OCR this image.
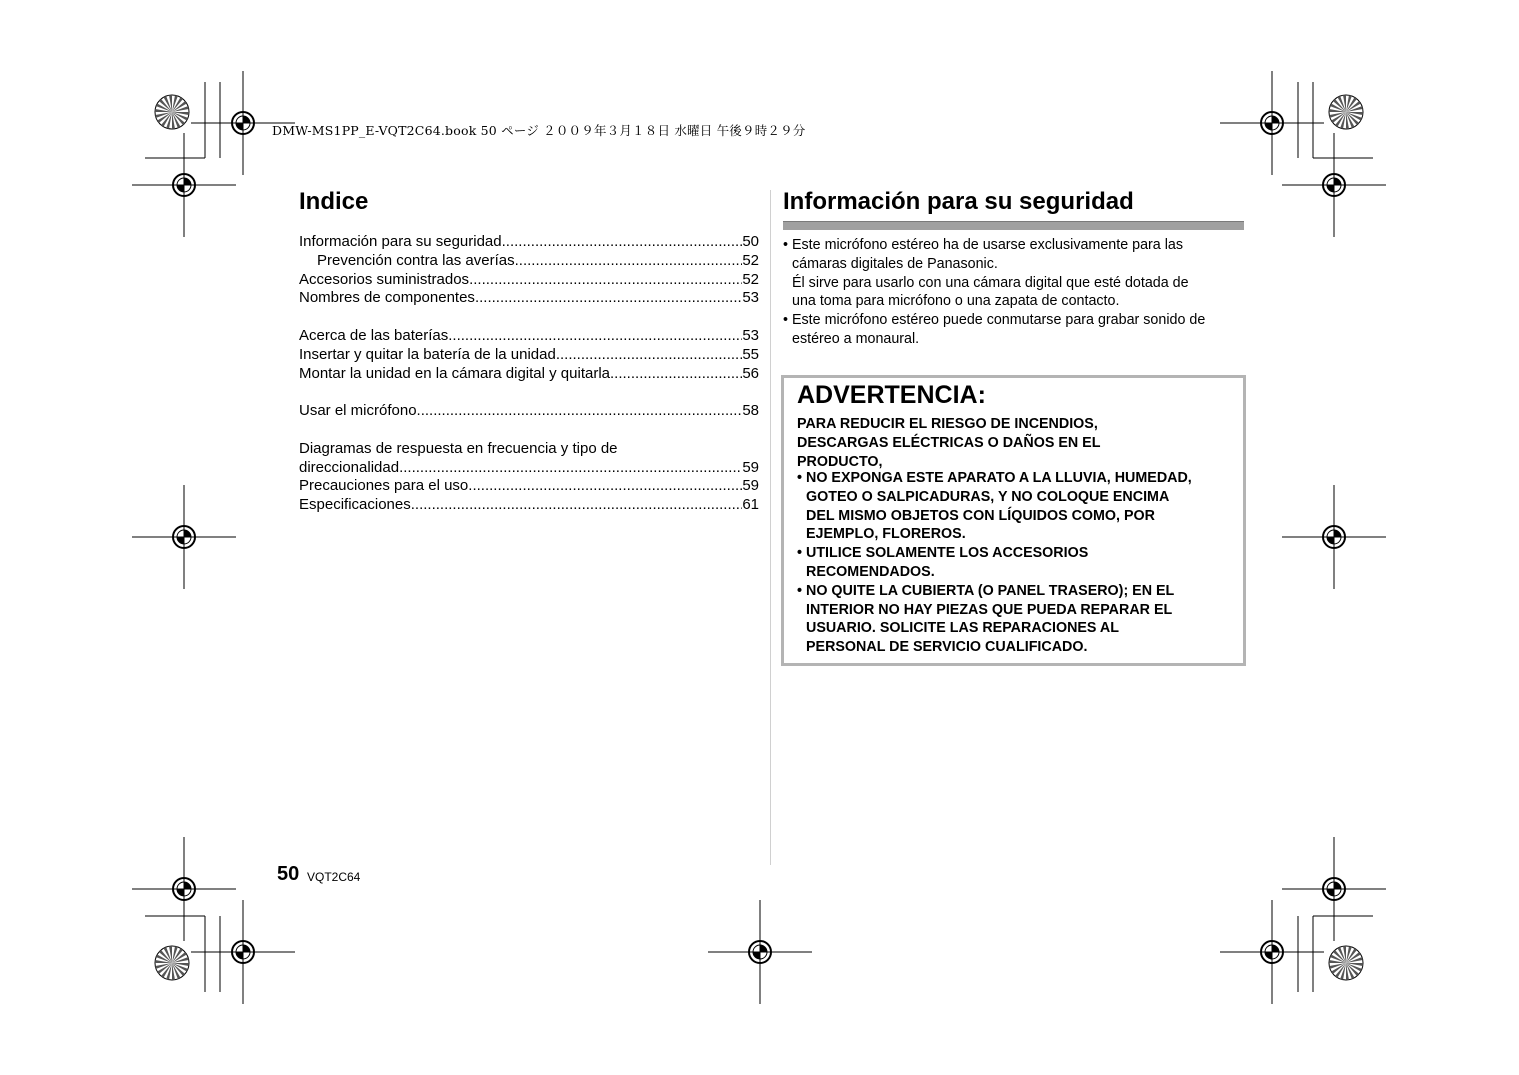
DMW-MS1PP_E-VQT2C64.book 50 ページ ２００９年３月１８日 水曜日 午後９時２９分
Indice
Información para su seguridad .....	50
Prevención contra las averías .....	52
Accesorios suministrados .....	52
Nombres de componentes .....	53
Acerca de las baterías .....	53
Insertar y quitar la batería de la unidad .....	55
Montar la unidad en la cámara digital y quitarla .....	56
Usar el micrófono .....	58
Diagramas de respuesta en frecuencia y tipo de
direccionalidad .....	59
Precauciones para el uso .....	59
Especificaciones .....	61
Información para su seguridad
• Este micrófono estéreo ha de usarse exclusivamente para las

cámaras digitales de Panasonic.

Él sirve para usarlo con una cámara digital que esté dotada de

una toma para micrófono o una zapata de contacto.

• Este micrófono estéreo puede conmutarse para grabar sonido de

estéreo a monaural.

ADVERTENCIA:
PARA REDUCIR EL RIESGO DE INCENDIOS,
DESCARGAS ELÉCTRICAS O DAÑOS EN EL
PRODUCTO,
• NO EXPONGA ESTE APARATO A LA LLUVIA, HUMEDAD,
GOTEO O SALPICADURAS, Y NO COLOQUE ENCIMA
DEL MISMO OBJETOS CON LÍQUIDOS COMO, POR
EJEMPLO, FLOREROS.
• UTILICE SOLAMENTE LOS ACCESORIOS
RECOMENDADOS.
• NO QUITE LA CUBIERTA (O PANEL TRASERO); EN EL
INTERIOR NO HAY PIEZAS QUE PUEDA REPARAR EL
USUARIO. SOLICITE LAS REPARACIONES AL
PERSONAL DE SERVICIO CUALIFICADO.
50 VQT2C64
